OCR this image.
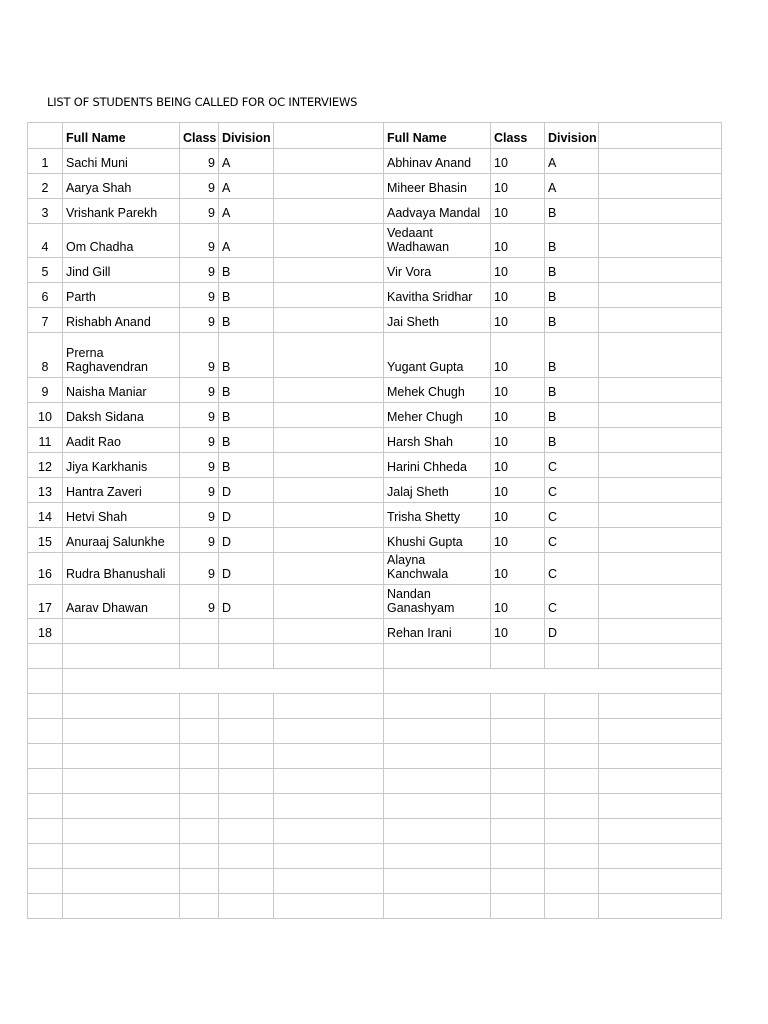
LIST OF STUDENTS BEING CALLED FOR OC INTERVIEWS
	Full Name	Class	Division		Full Name	Class	Division	
1	Sachi Muni	9	A		Abhinav Anand	10	A	
2	Aarya Shah	9	A		Miheer Bhasin	10	A	
3	Vrishank Parekh	9	A		Aadvaya Mandal	10	B	
4	Om Chadha	9	A		Vedaant Wadhawan	10	B	
5	Jind Gill	9	B		Vir Vora	10	B	
6	Parth	9	B		Kavitha Sridhar	10	B	
7	Rishabh Anand	9	B		Jai Sheth	10	B	
8	Prerna Raghavendran	9	B		Yugant Gupta	10	B	
9	Naisha Maniar	9	B		Mehek Chugh	10	B	
10	Daksh Sidana	9	B		Meher Chugh	10	B	
11	Aadit Rao	9	B		Harsh Shah	10	B	
12	Jiya Karkhanis	9	B		Harini Chheda	10	C	
13	Hantra Zaveri	9	D		Jalaj Sheth	10	C	
14	Hetvi Shah	9	D		Trisha Shetty	10	C	
15	Anuraaj Salunkhe	9	D		Khushi Gupta	10	C	
16	Rudra Bhanushali	9	D		Alayna Kanchwala	10	C	
17	Aarav Dhawan	9	D		Nandan Ganashyam	10	C	
18					Rehan Irani	10	D	
